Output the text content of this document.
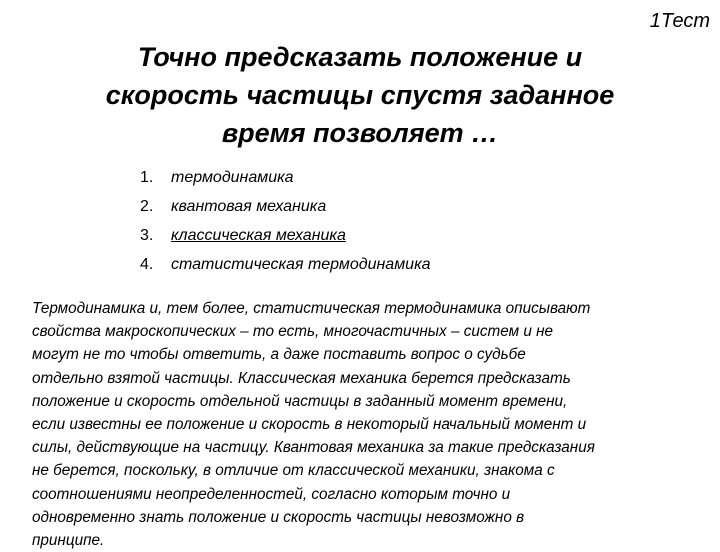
1Тест
Точно предсказать положение и
скорость частицы спустя заданное
время позволяет …
1.	термодинамика
2.	квантовая механика
3.	классическая механика
4.	статистическая термодинамика

Термодинамика и, тем более, статистическая термодинамика описывают
свойства макроскопических – то есть, многочастичных – систем и не
могут не то чтобы ответить, а даже поставить вопрос о судьбе
отдельно взятой частицы. Классическая механика берется предсказать
положение и скорость отдельной частицы в заданный момент времени,
если известны ее положение и скорость в некоторый начальный момент и
силы, действующие на частицу. Квантовая механика за такие предсказания
не берется, поскольку, в отличие от классической механики, знакома с
соотношениями неопределенностей, согласно которым точно и
одновременно знать положение и скорость частицы невозможно в
принципе.
